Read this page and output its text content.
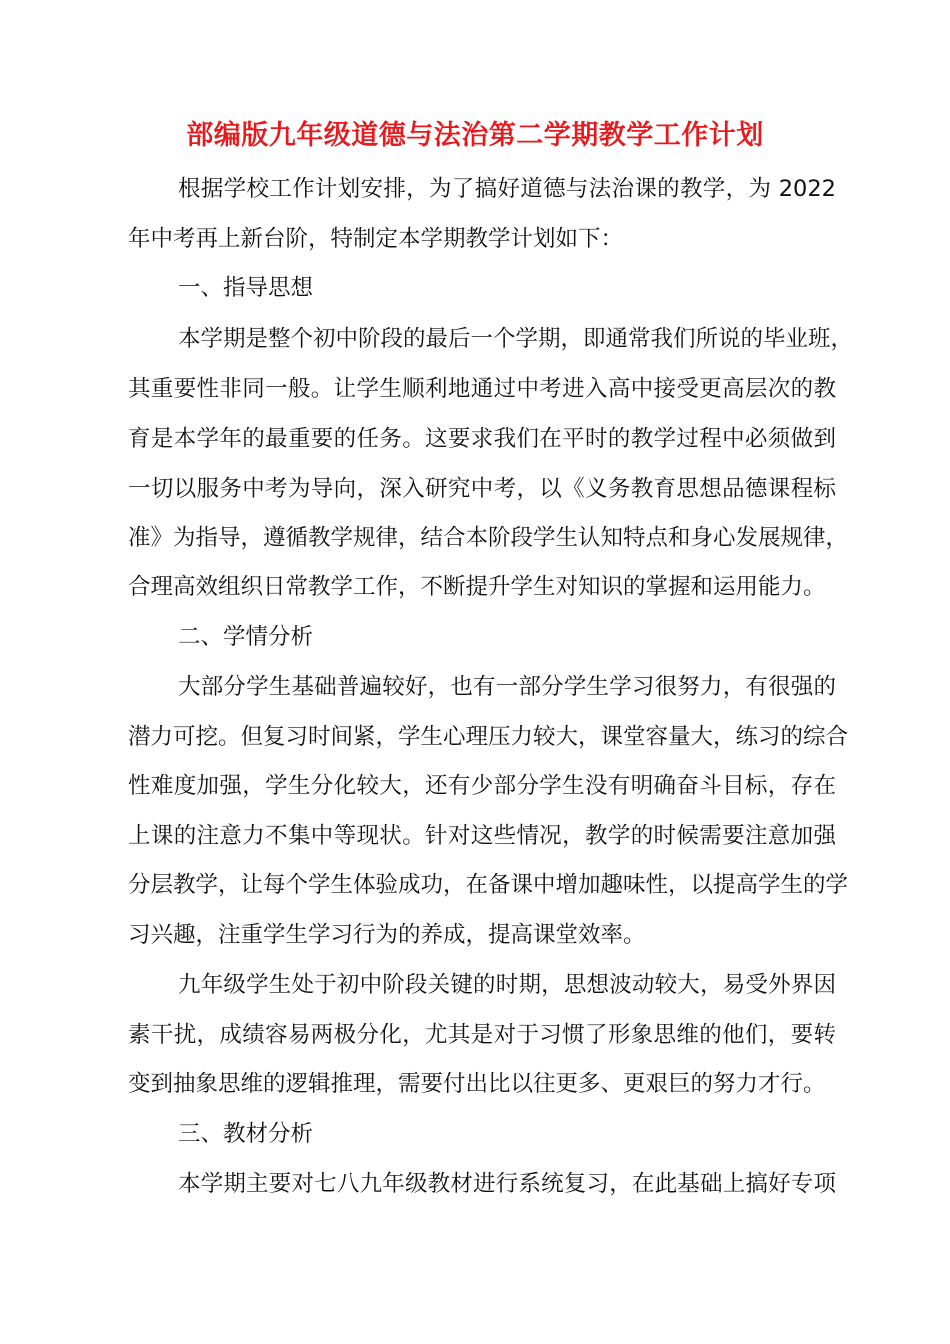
部编版九年级道德与法治第二学期教学工作计划
根据学校工作计划安排，为了搞好道德与法治课的教学，为 2022
年中考再上新台阶，特制定本学期教学计划如下：
一、指导思想
本学期是整个初中阶段的最后一个学期，即通常我们所说的毕业班，
其重要性非同一般。让学生顺利地通过中考进入高中接受更高层次的教
育是本学年的最重要的任务。这要求我们在平时的教学过程中必须做到
一切以服务中考为导向，深入研究中考，以《义务教育思想品德课程标
准》为指导，遵循教学规律，结合本阶段学生认知特点和身心发展规律，
合理高效组织日常教学工作，不断提升学生对知识的掌握和运用能力。
二、学情分析
大部分学生基础普遍较好，也有一部分学生学习很努力，有很强的
潜力可挖。但复习时间紧，学生心理压力较大，课堂容量大，练习的综合
性难度加强，学生分化较大，还有少部分学生没有明确奋斗目标，存在
上课的注意力不集中等现状。针对这些情况，教学的时候需要注意加强
分层教学，让每个学生体验成功，在备课中增加趣味性，以提高学生的学
习兴趣，注重学生学习行为的养成，提高课堂效率。
九年级学生处于初中阶段关键的时期，思想波动较大，易受外界因
素干扰，成绩容易两极分化，尤其是对于习惯了形象思维的他们，要转
变到抽象思维的逻辑推理，需要付出比以往更多、更艰巨的努力才行。
三、教材分析
本学期主要对七八九年级教材进行系统复习，在此基础上搞好专项
